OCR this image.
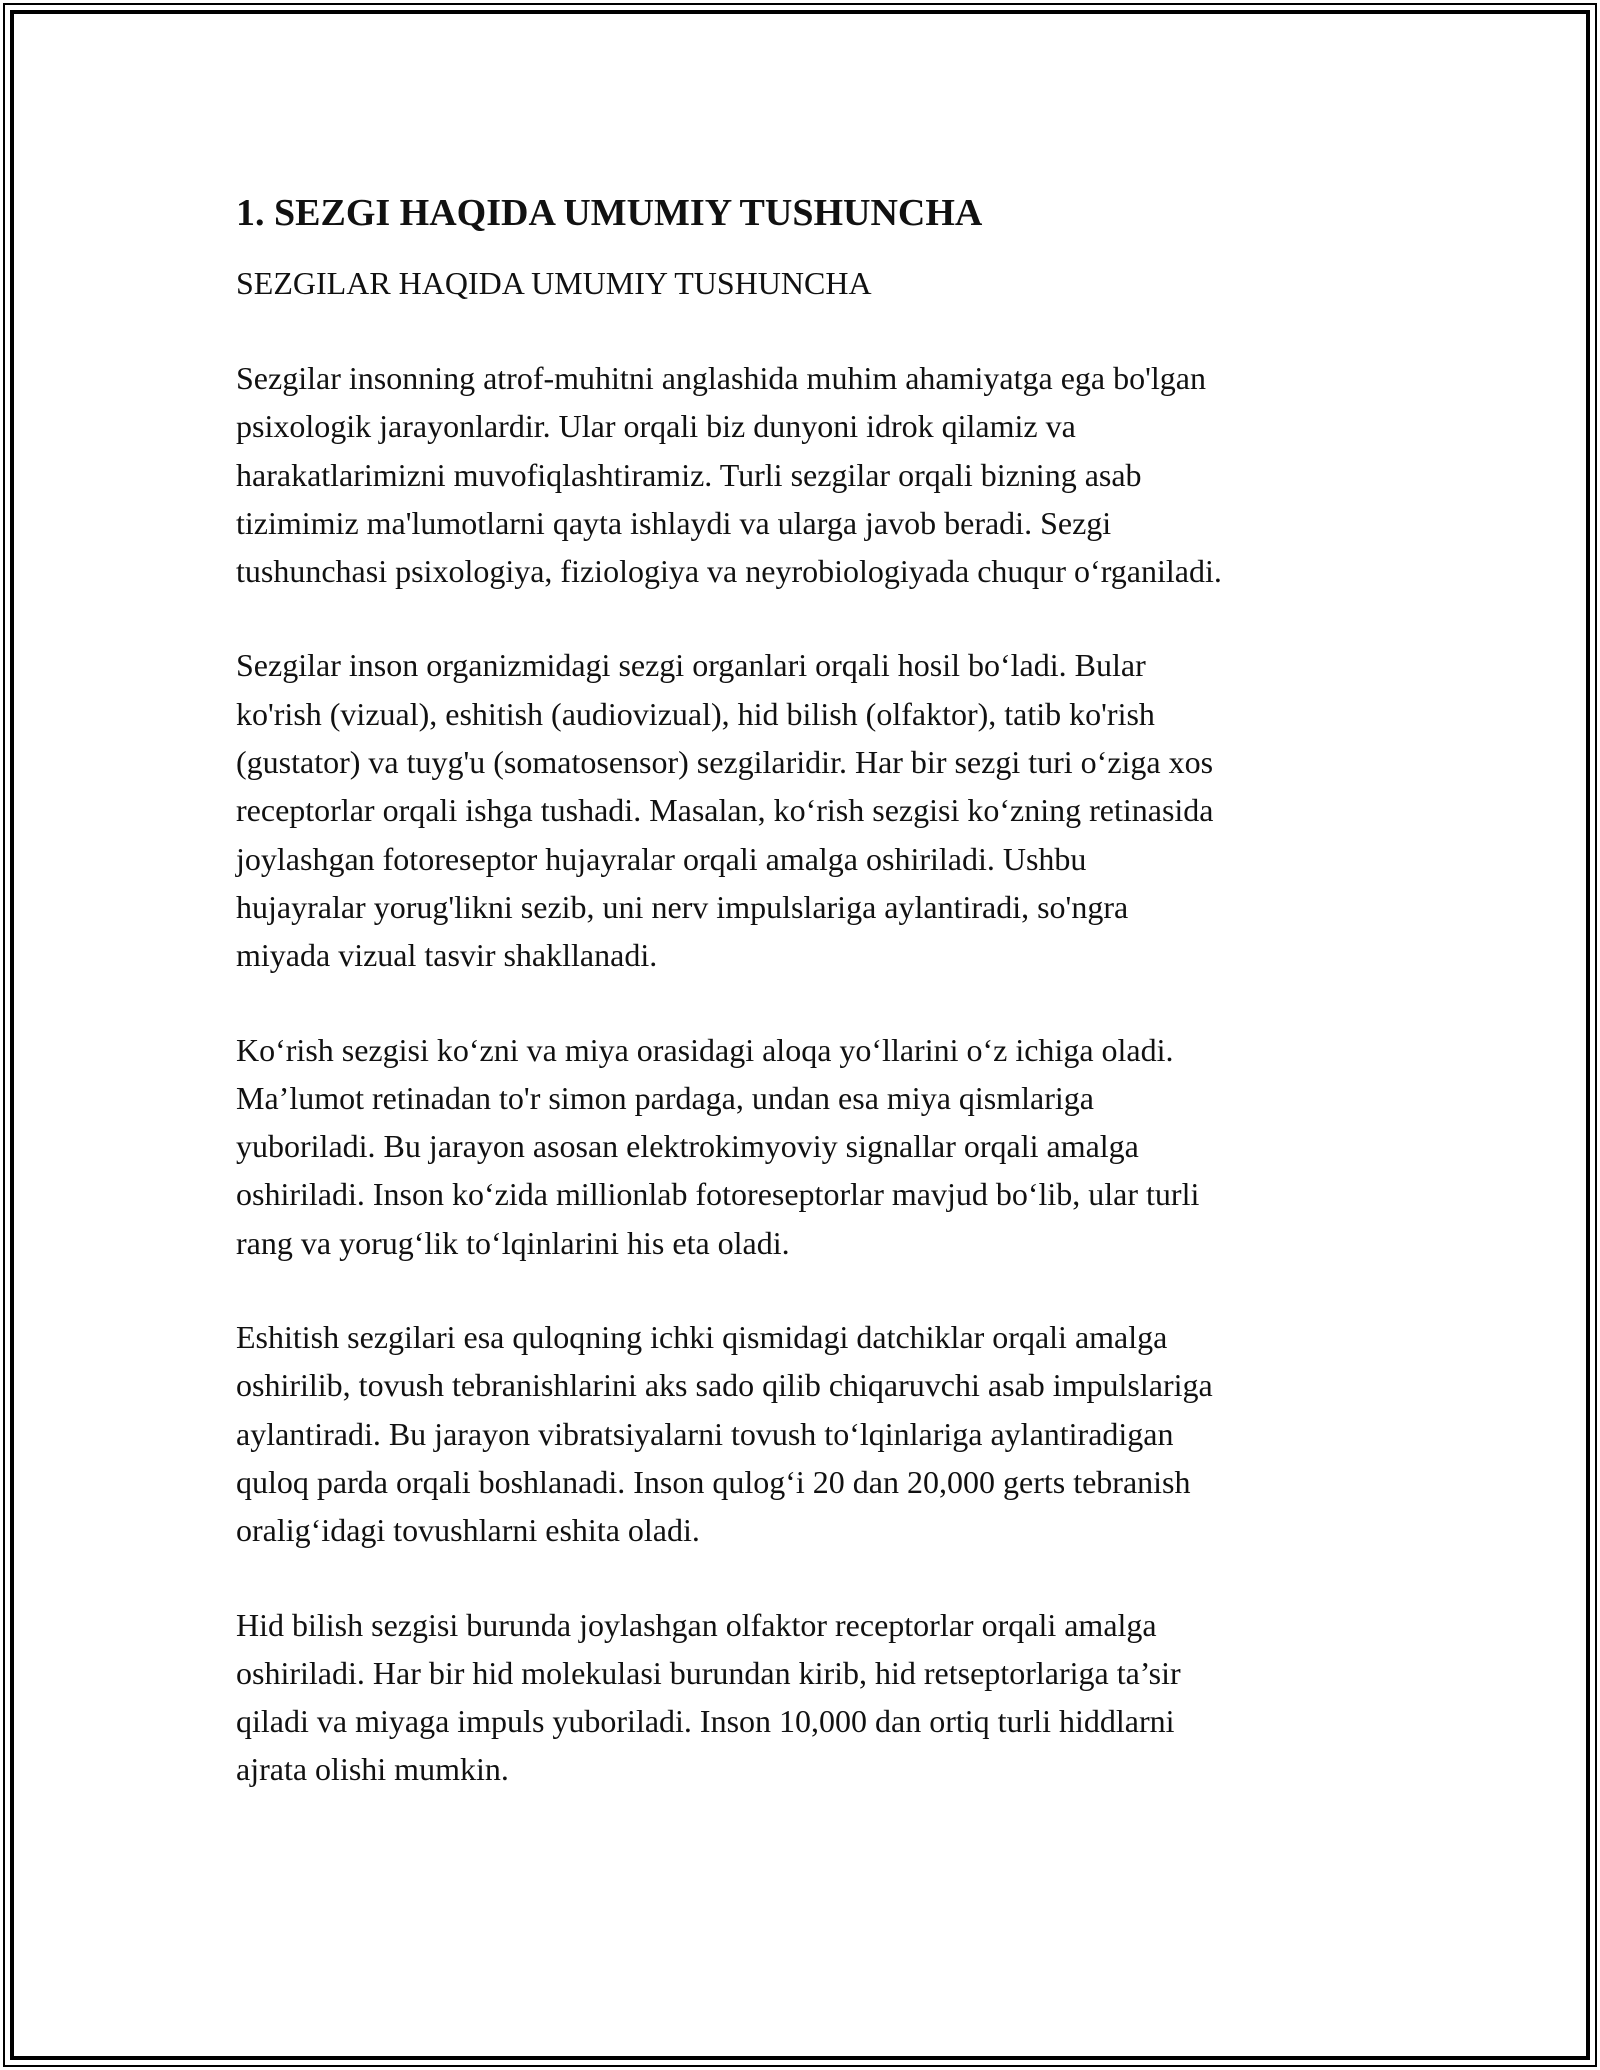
1. SEZGI HAQIDA UMUMIY TUSHUNCHA
SEZGILAR HAQIDA UMUMIY TUSHUNCHA

Sezgilar insonning atrof-muhitni anglashida muhim ahamiyatga ega bo'lgan
psixologik jarayonlardir. Ular orqali biz dunyoni idrok qilamiz va
harakatlarimizni muvofiqlashtiramiz. Turli sezgilar orqali bizning asab
tizimimiz ma'lumotlarni qayta ishlaydi va ularga javob beradi. Sezgi
tushunchasi psixologiya, fiziologiya va neyrobiologiyada chuqur oʻrganiladi.

Sezgilar inson organizmidagi sezgi organlari orqali hosil boʻladi. Bular
ko'rish (vizual), eshitish (audiovizual), hid bilish (olfaktor), tatib ko'rish
(gustator) va tuyg'u (somatosensor) sezgilaridir. Har bir sezgi turi oʻziga xos
receptorlar orqali ishga tushadi. Masalan, koʻrish sezgisi koʻzning retinasida
joylashgan fotoreseptor hujayralar orqali amalga oshiriladi. Ushbu
hujayralar yorug'likni sezib, uni nerv impulslariga aylantiradi, so'ngra
miyada vizual tasvir shakllanadi.

Koʻrish sezgisi koʻzni va miya orasidagi aloqa yoʻllarini oʻz ichiga oladi.
Ma’lumot retinadan to'r simon pardaga, undan esa miya qismlariga
yuboriladi. Bu jarayon asosan elektrokimyoviy signallar orqali amalga
oshiriladi. Inson koʻzida millionlab fotoreseptorlar mavjud boʻlib, ular turli
rang va yorugʻlik toʻlqinlarini his eta oladi.

Eshitish sezgilari esa quloqning ichki qismidagi datchiklar orqali amalga
oshirilib, tovush tebranishlarini aks sado qilib chiqaruvchi asab impulslariga
aylantiradi. Bu jarayon vibratsiyalarni tovush toʻlqinlariga aylantiradigan
quloq parda orqali boshlanadi. Inson qulogʻi 20 dan 20,000 gerts tebranish
oraligʻidagi tovushlarni eshita oladi.

Hid bilish sezgisi burunda joylashgan olfaktor receptorlar orqali amalga
oshiriladi. Har bir hid molekulasi burundan kirib, hid retseptorlariga ta’sir
qiladi va miyaga impuls yuboriladi. Inson 10,000 dan ortiq turli hiddlarni
ajrata olishi mumkin.
